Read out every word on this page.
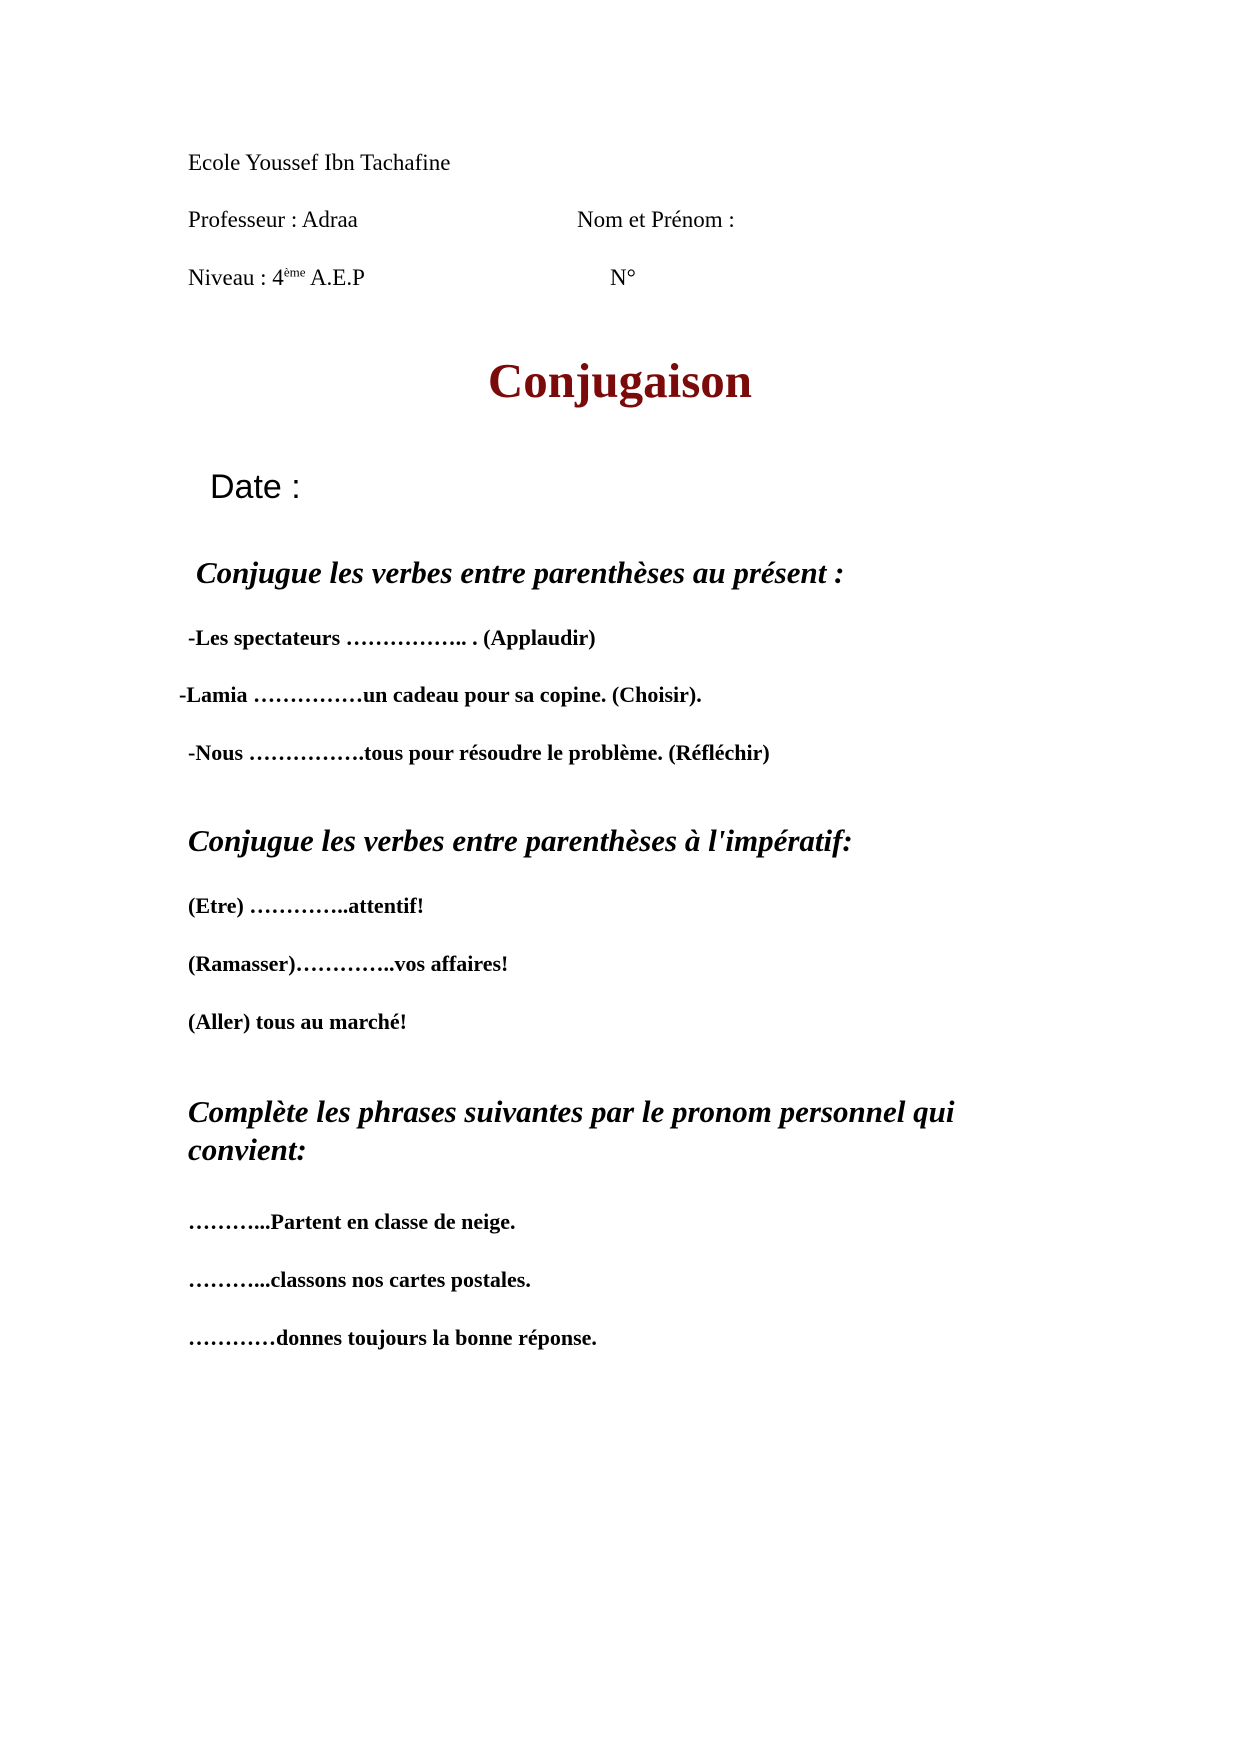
Ecole Youssef Ibn Tachafine
Professeur : Adraa	Nom et Prénom :
Niveau : 4ème A.E.P	N°
Conjugaison
Date :
Conjugue les verbes entre parenthèses au présent :
-Les spectateurs …………….. . (Applaudir)
-Lamia ……………un cadeau pour sa copine. (Choisir).
-Nous …………….tous pour résoudre le problème. (Réfléchir)
Conjugue les verbes entre parenthèses à l'impératif:
(Etre) …………..attentif!
(Ramasser)…………..vos affaires!
(Aller) tous au marché!
Complète les phrases suivantes par le pronom personnel qui
convient:
………...Partent en classe de neige.
………...classons nos cartes postales.
…………donnes toujours la bonne réponse.
